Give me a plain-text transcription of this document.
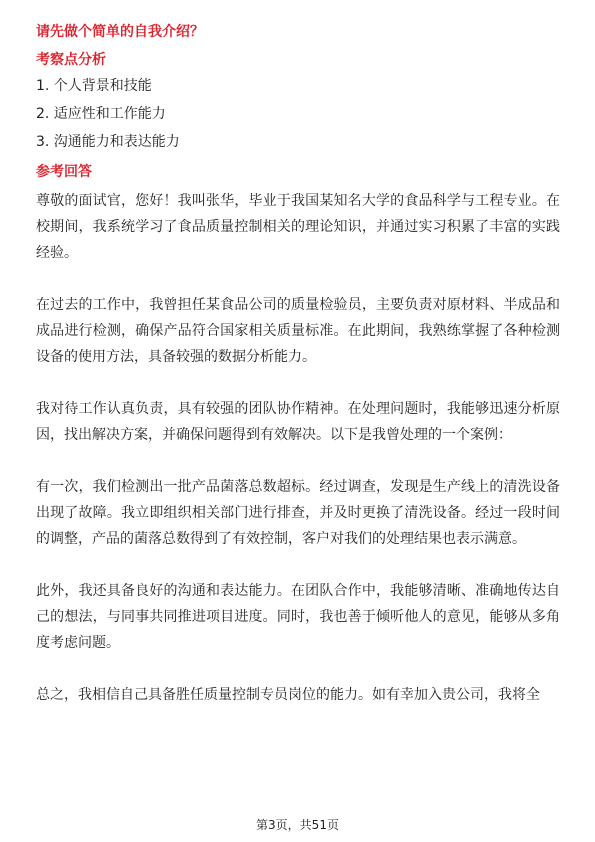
请先做个简单的自我介绍？
考察点分析
1. 个人背景和技能
2. 适应性和工作能力
3. 沟通能力和表达能力
参考回答

尊敬的面试官，您好！我叫张华，毕业于我国某知名大学的食品科学与工程专业。在校期间，我系统学习了食品质量控制相关的理论知识，并通过实习积累了丰富的实践经验。

在过去的工作中，我曾担任某食品公司的质量检验员，主要负责对原材料、半成品和成品进行检测，确保产品符合国家相关质量标准。在此期间，我熟练掌握了各种检测设备的使用方法，具备较强的数据分析能力。

我对待工作认真负责，具有较强的团队协作精神。在处理问题时，我能够迅速分析原因，找出解决方案，并确保问题得到有效解决。以下是我曾处理的一个案例：

有一次，我们检测出一批产品菌落总数超标。经过调查，发现是生产线上的清洗设备出现了故障。我立即组织相关部门进行排查，并及时更换了清洗设备。经过一段时间的调整，产品的菌落总数得到了有效控制，客户对我们的处理结果也表示满意。

此外，我还具备良好的沟通和表达能力。在团队合作中，我能够清晰、准确地传达自己的想法，与同事共同推进项目进度。同时，我也善于倾听他人的意见，能够从多角度考虑问题。

总之，我相信自己具备胜任质量控制专员岗位的能力。如有幸加入贵公司，我将全

第3页，共51页
